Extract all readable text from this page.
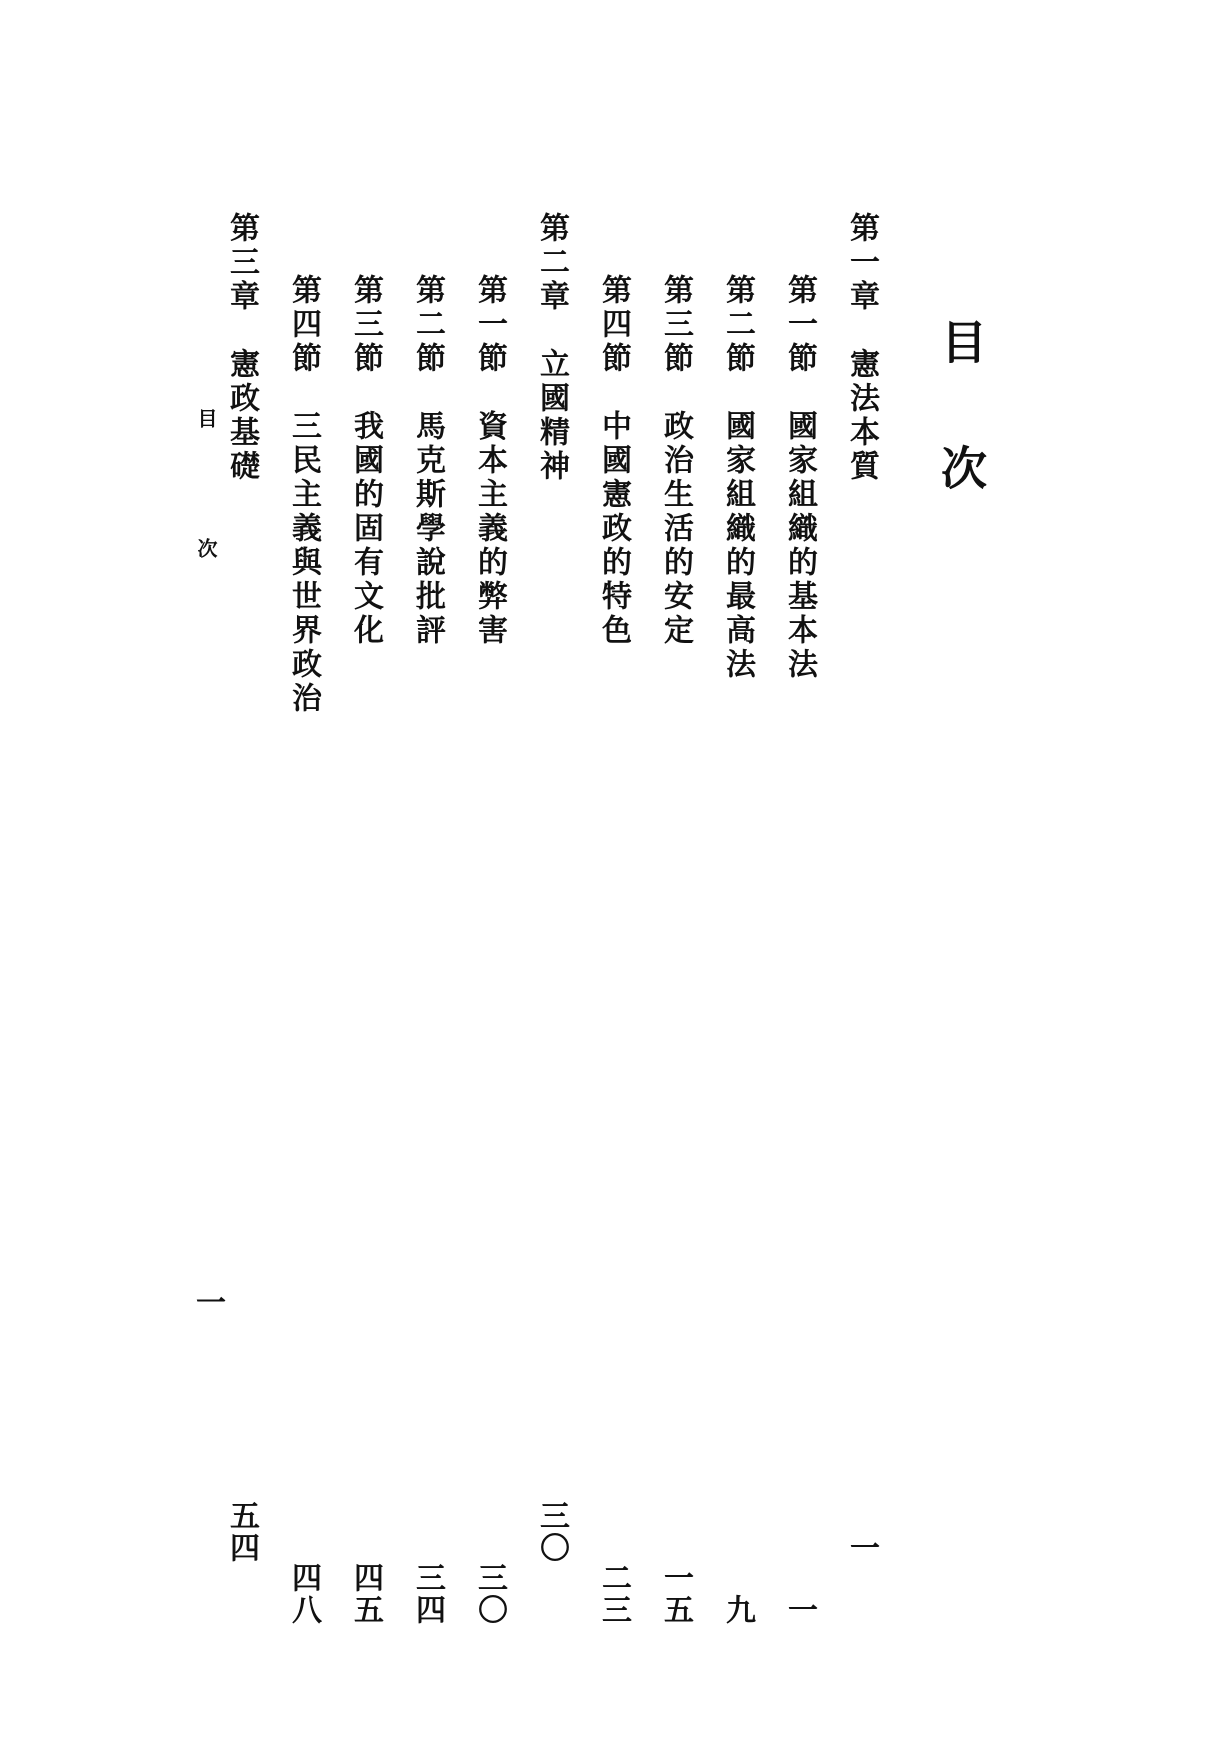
目次
第一章　憲法本質
一
第一節　國家組織的基本法
一
第二節　國家組織的最高法
九
第三節　政治生活的安定
一五
第四節　中國憲政的特色
二三
第二章　立國精神
三〇
第一節　資本主義的弊害
三〇
第二節　馬克斯學說批評
三四
第三節　我國的固有文化
四五
第四節　三民主義與世界政治
四八
第三章　憲政基礎
五四
目次
一
